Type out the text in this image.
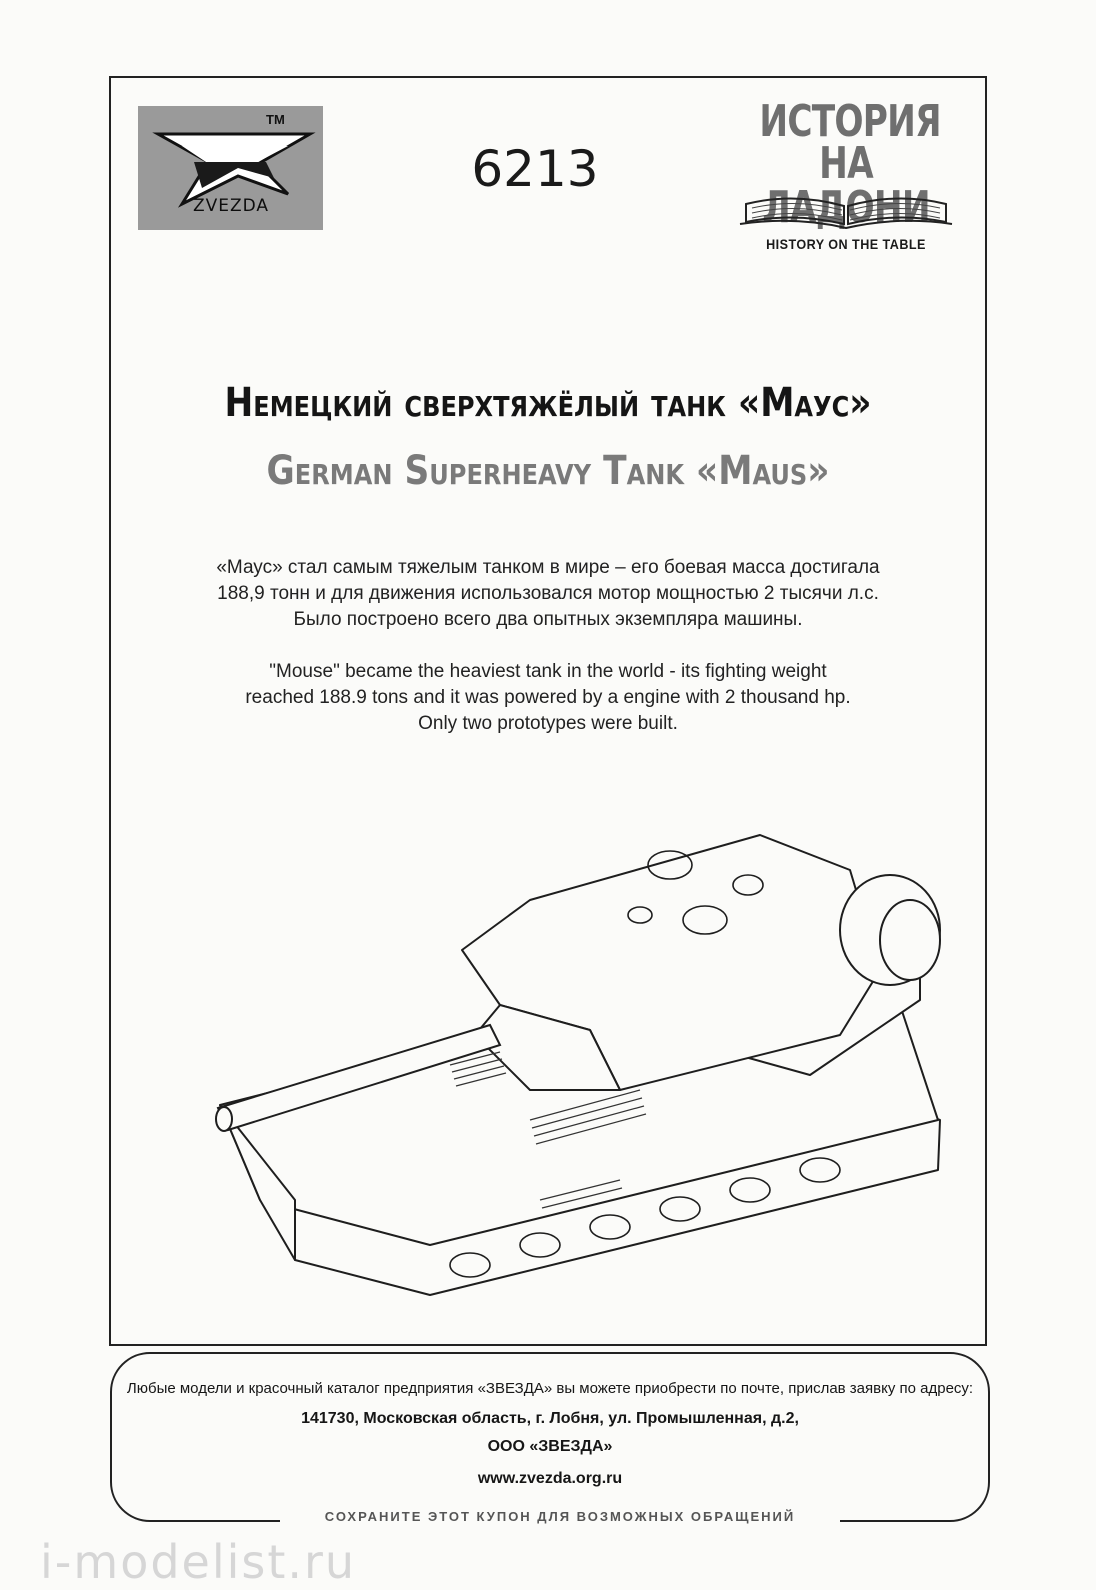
TM
ZVEZDA
6213
ИСТОРИЯ
НА ЛАДОНИ
HISTORY ON THE TABLE
Немецкий сверхтяжёлый танк «Маус»
German Superheavy Tank «Maus»
«Маус» стал самым тяжелым танком в мире – его боевая масса достигала
188,9 тонн и для движения использовался мотор мощностью 2 тысячи л.с.
Было построено всего два опытных экземпляра машины.
"Mouse" became the heaviest tank in the world - its fighting weight
reached 188.9 tons and it was powered by a engine with 2 thousand hp.
Only two prototypes were built.
Любые модели и красочный каталог предприятия «ЗВЕЗДА» вы можете приобрести по почте, прислав заявку по адресу:
141730, Московская область, г. Лобня, ул. Промышленная, д.2,
ООО «ЗВЕЗДА»
www.zvezda.org.ru
СОХРАНИТЕ ЭТОТ КУПОН ДЛЯ ВОЗМОЖНЫХ ОБРАЩЕНИЙ
i-modelist.ru
